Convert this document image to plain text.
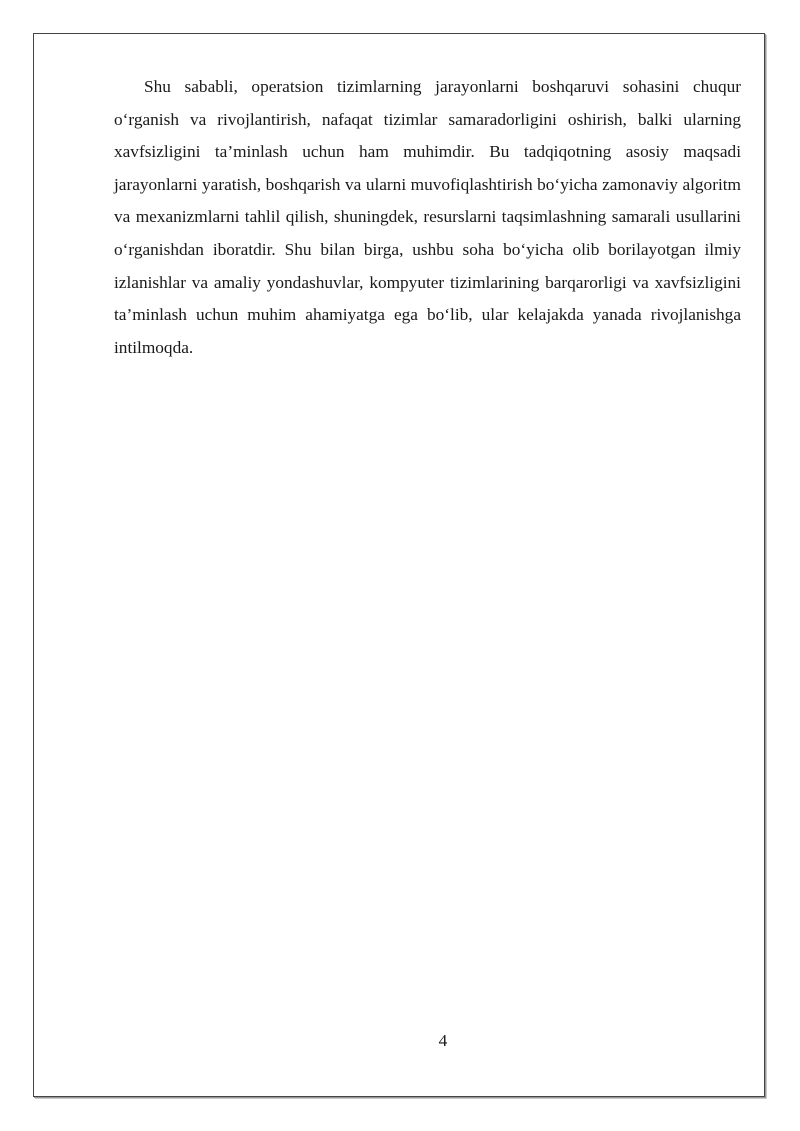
Shu sababli, operatsion tizimlarning jarayonlarni boshqaruvi sohasini chuqur o‘rganish va rivojlantirish, nafaqat tizimlar samaradorligini oshirish, balki ularning xavfsizligini ta’minlash uchun ham muhimdir. Bu tadqiqotning asosiy maqsadi jarayonlarni yaratish, boshqarish va ularni muvofiqlashtirish bo‘yicha zamonaviy algoritm va mexanizmlarni tahlil qilish, shuningdek, resurslarni taqsimlashning samarali usullarini o‘rganishdan iboratdir. Shu bilan birga, ushbu soha bo‘yicha olib borilayotgan ilmiy izlanishlar va amaliy yondashuvlar, kompyuter tizimlarining barqarorligi va xavfsizligini ta’minlash uchun muhim ahamiyatga ega bo‘lib, ular kelajakda yanada rivojlanishga intilmoqda.

4
